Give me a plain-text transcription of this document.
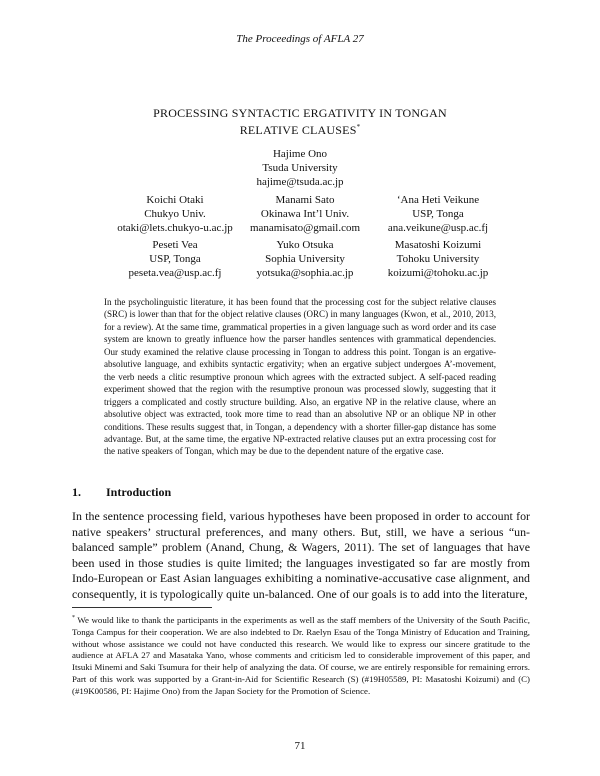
The Proceedings of AFLA 27
PROCESSING SYNTACTIC ERGATIVITY IN TONGAN
RELATIVE CLAUSES*
Hajime Ono
Tsuda University
hajime@tsuda.ac.jp
Koichi Otaki
Chukyo Univ.
otaki@lets.chukyo-u.ac.jp
Manami Sato
Okinawa Int’l Univ.
manamisato@gmail.com
‘Ana Heti Veikune
USP, Tonga
ana.veikune@usp.ac.fj
Peseti Vea
USP, Tonga
peseta.vea@usp.ac.fj
Yuko Otsuka
Sophia University
yotsuka@sophia.ac.jp
Masatoshi Koizumi
Tohoku University
koizumi@tohoku.ac.jp
In the psycholinguistic literature, it has been found that the processing cost for the subject relative clauses (SRC) is lower than that for the object relative clauses (ORC) in many languages (Kwon, et al., 2010, 2013, for a review). At the same time, grammatical properties in a given language such as word order and its case system are known to greatly influence how the parser handles sentences with grammatical dependencies. Our study examined the relative clause processing in Tongan to address this point. Tongan is an ergative-absolutive language, and exhibits syntactic ergativity; when an ergative subject undergoes A’-movement, the verb needs a clitic resumptive pronoun which agrees with the extracted subject. A self-paced reading experiment showed that the region with the resumptive pronoun was processed slowly, suggesting that it triggers a complicated and costly structure building. Also, an ergative NP in the relative clause, where an absolutive object was extracted, took more time to read than an absolutive NP or an oblique NP in other conditions. These results suggest that, in Tongan, a dependency with a shorter filler-gap distance has some advantage. But, at the same time, the ergative NP-extracted relative clauses put an extra processing cost for the native speakers of Tongan, which may be due to the dependent nature of the ergative case.
1. Introduction
In the sentence processing field, various hypotheses have been proposed in order to account for native speakers’ structural preferences, and many others. But, still, we have a serious “un-balanced sample” problem (Anand, Chung, & Wagers, 2011). The set of languages that have been used in those studies is quite limited; the languages investigated so far are mostly from Indo-European or East Asian languages exhibiting a nominative-accusative case alignment, and consequently, it is typologically quite un-balanced. One of our goals is to add into the literature,
* We would like to thank the participants in the experiments as well as the staff members of the University of the South Pacific, Tonga Campus for their cooperation. We are also indebted to Dr. Raelyn Esau of the Tonga Ministry of Education and Training, without whose assistance we could not have conducted this research. We would like to express our sincere gratitude to the audience at AFLA 27 and Masataka Yano, whose comments and criticism led to considerable improvement of this paper, and Itsuki Minemi and Saki Tsumura for their help of analyzing the data. Of course, we are entirely responsible for remaining errors. Part of this work was supported by a Grant-in-Aid for Scientific Research (S) (#19H05589, PI: Masatoshi Koizumi) and (C) (#19K00586, PI: Hajime Ono) from the Japan Society for the Promotion of Science.
71
